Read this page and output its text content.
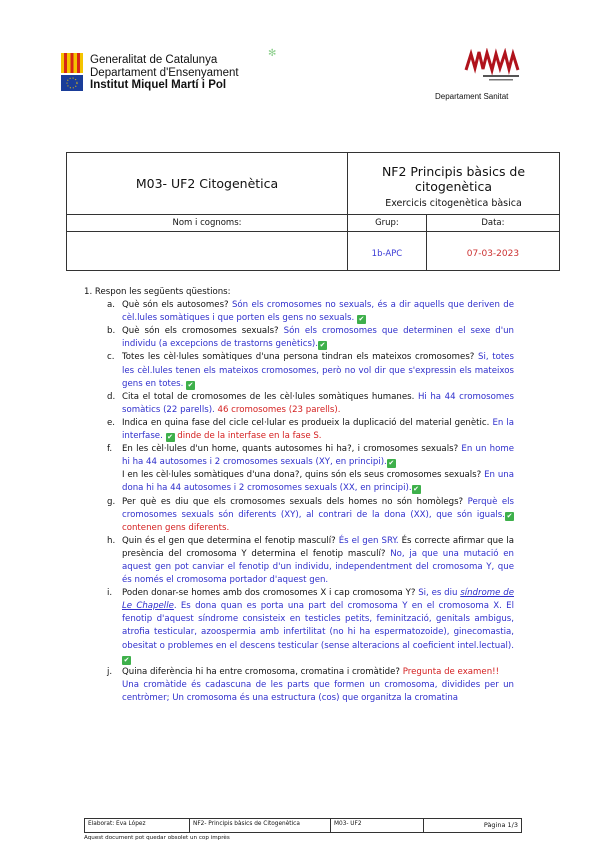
Generalitat de Catalunya
Departament d'Ensenyament
Institut Miquel Martí i Pol
✻
Departament Sanitat
M03- UF2 Citogenètica	NF2 Principis bàsics de citogenètica
Exercicis citogenètica bàsica	

Nom i cognoms:	Grup:	Data:
	1b-APC	07-03-2023
1. Respon les següents qüestions:
a. Què són els autosomes? Són els cromosomes no sexuals, és a dir aquells que deriven de cèl.lules somàtiques i que porten els gens no sexuals. ✔
b. Què són els cromosomes sexuals? Són els cromosomes que determinen el sexe d'un individu (a excepcions de trastorns genètics). ✔
c. Totes les cèl·lules somàtiques d'una persona tindran els mateixos cromosomes? Si, totes les cèl.lules tenen els mateixos cromosomes, però no vol dir que s'expressin els mateixos gens en totes. ✔
d. Cita el total de cromosomes de les cèl·lules somàtiques humanes. Hi ha 44 cromosomes somàtics (22 parells). 46 cromosomes (23 parells).
e. Indica en quina fase del cicle cel·lular es produeix la duplicació del material genètic. En la interfase. ✔ dinde de la interfase en la fase S.
f.	En les cèl·lules d'un home, quants autosomes hi ha?, i cromosomes sexuals? En un home hi ha 44 autosomes i 2 cromosomes sexuals (XY, en principi). ✔
I en les cèl·lules somàtiques d'una dona?, quins són els seus cromosomes sexuals? En una dona hi ha 44 autosomes i 2 cromosomes sexuals (XX, en principi). ✔
g. Per què es diu que els cromosomes sexuals dels homes no són homòlegs? Perquè els cromosomes sexuals són diferents (XY), al contrari de la dona (XX), que són iguals. ✔ contenen gens diferents.
h. Quin és el gen que determina el fenotip masculí? És el gen SRY. És correcte afirmar que la presència del cromosoma Y determina el fenotip masculí? No, ja que una mutació en aquest gen pot canviar el fenotip d'un individu, independentment del cromosoma Y, que és només el cromosoma portador d'aquest gen.
i.	Poden donar-se homes amb dos cromosomes X i cap cromosoma Y? Si, es diu síndrome de Le Chapelle. Es dona quan es porta una part del cromosoma Y en el cromosoma X. El fenotip d'aquest síndrome consisteix en testicles petits, feminització, genitals ambigus, atrofia testicular, azoospermia amb infertilitat (no hi ha espermatozoide), ginecomastia, obesitat o problemes en el descens testicular (sense alteracions al coeficient intel.lectual). ✔
j.	Quina diferència hi ha entre cromosoma, cromatina i cromàtide? Pregunta de examen!!
Una cromàtide és cadascuna de les parts que formen un cromosoma, dividides per un centròmer; Un cromosoma és una estructura (cos) que organitza la cromatina
Elaborat: Eva López	NF2- Principis bàsics de Citogenètica	M03- UF2	Pàgina 1/3
Aquest document pot quedar obsolet un cop imprès
